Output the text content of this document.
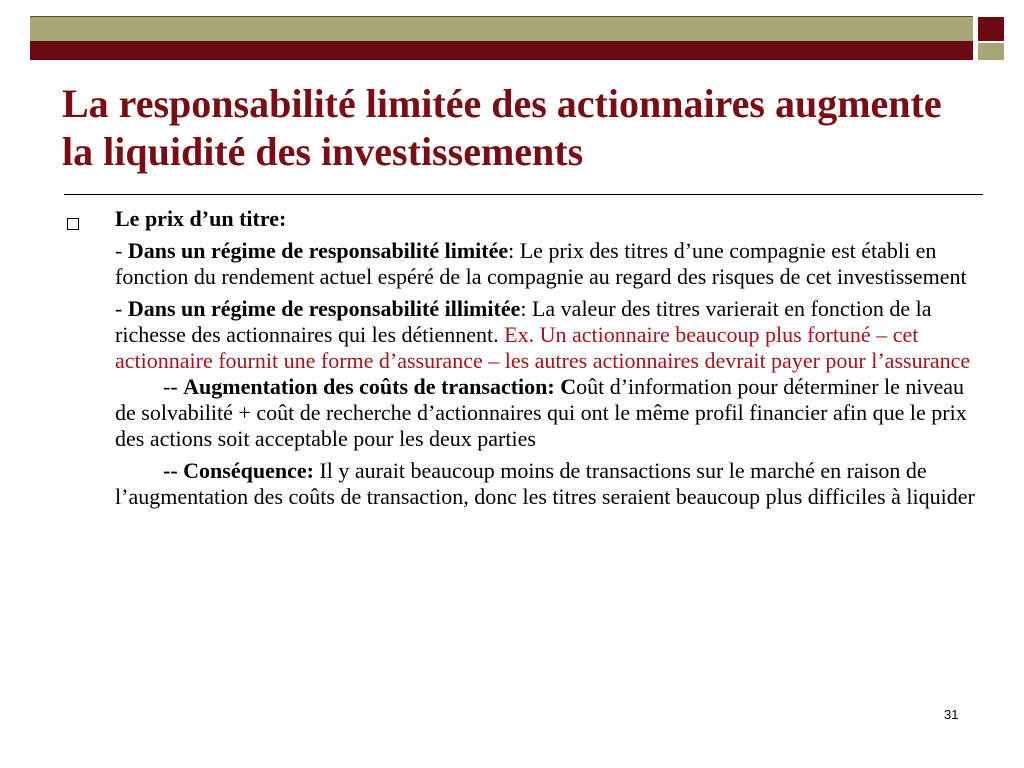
La responsabilité limitée des actionnaires augmente la liquidité des investissements

Le prix d’un titre:

- Dans un régime de responsabilité limitée: Le prix des titres d’une compagnie est établi en fonction du rendement actuel espéré de la compagnie au regard des risques de cet investissement

- Dans un régime de responsabilité illimitée: La valeur des titres varierait en fonction de la richesse des actionnaires qui les détiennent. Ex. Un actionnaire beaucoup plus fortuné – cet actionnaire fournit une forme d’assurance – les autres actionnaires devrait payer pour l’assurance
-- Augmentation des coûts de transaction: Coût d’information pour déterminer le niveau de solvabilité + coût de recherche d’actionnaires qui ont le même profil financier afin que le prix des actions soit acceptable pour les deux parties

-- Conséquence: Il y aurait beaucoup moins de transactions sur le marché en raison de l’augmentation des coûts de transaction, donc les titres seraient beaucoup plus difficiles à liquider

31
